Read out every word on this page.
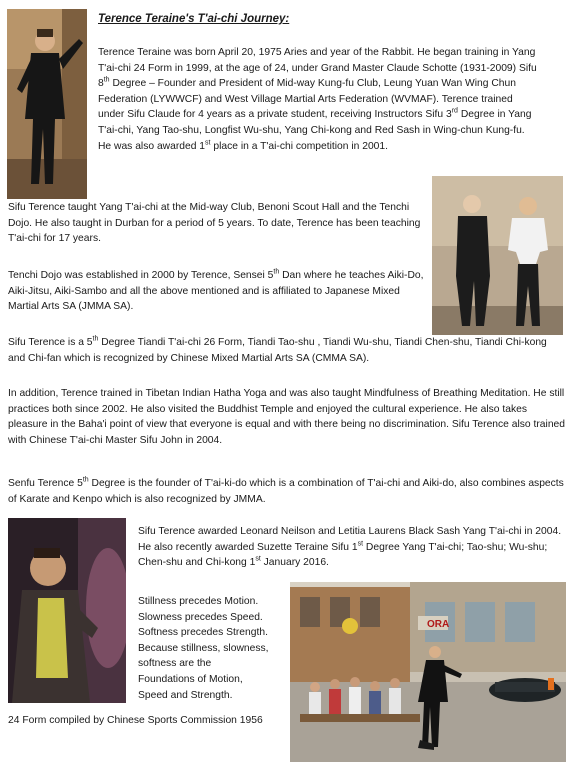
Terence Teraine's T'ai-chi Journey:
Terence Teraine was born April 20, 1975 Aries and year of the Rabbit. He began training in Yang T'ai-chi 24 Form in 1999, at the age of 24, under Grand Master Claude Schotte (1931-2009) Sifu 8th Degree – Founder and President of Mid-way Kung-fu Club, Leung Yuan Wan Wing Chun Federation (LYWWCF) and West Village Martial Arts Federation (WVMAF). Terence trained under Sifu Claude for 4 years as a private student, receiving Instructors Sifu 3rd Degree in Yang T'ai-chi, Yang Tao-shu, Longfist Wu-shu, Yang Chi-kong and Red Sash in Wing-chun Kung-fu. He was also awarded 1st place in a T'ai-chi competition in 2001.
Sifu Terence taught Yang T'ai-chi at the Mid-way Club, Benoni Scout Hall and the Tenchi Dojo. He also taught in Durban for a period of 5 years. To date, Terence has been teaching T'ai-chi for 17 years.
Tenchi Dojo was established in 2000 by Terence, Sensei 5th Dan where he teaches Aiki-Do, Aiki-Jitsu, Aiki-Sambo and all the above mentioned and is affiliated to Japanese Mixed Martial Arts SA (JMMA SA).
Sifu Terence is a 5th Degree Tiandi T'ai-chi 26 Form, Tiandi Tao-shu , Tiandi Wu-shu, Tiandi Chen-shu, Tiandi Chi-kong and Chi-fan which is recognized by Chinese Mixed Martial Arts SA (CMMA SA).
In addition, Terence trained in Tibetan Indian Hatha Yoga and was also taught Mindfulness of Breathing Meditation. He still practices both since 2002. He also visited the Buddhist Temple and enjoyed the cultural experience. He also takes pleasure in the Baha'i point of view that everyone is equal and with there being no discrimination. Sifu Terence also trained with Chinese T'ai-chi Master Sifu John in 2004.
Senfu Terence 5th Degree is the founder of T'ai-ki-do which is a combination of T'ai-chi and Aiki-do, also combines aspects of Karate and Kenpo which is also recognized by JMMA.
Sifu Terence awarded Leonard Neilson and Letitia Laurens Black Sash Yang T'ai-chi in 2004. He also recently awarded Suzette Teraine Sifu 1st Degree Yang T'ai-chi; Tao-shu; Wu-shu; Chen-shu and Chi-kong 1st January 2016.

Stillness precedes Motion.

Slowness precedes Speed.

Softness precedes Strength.

Because stillness, slowness,

softness are the

Foundations of Motion,

Speed and Strength.

24 Form compiled by Chinese Sports Commission 1956
ORA
